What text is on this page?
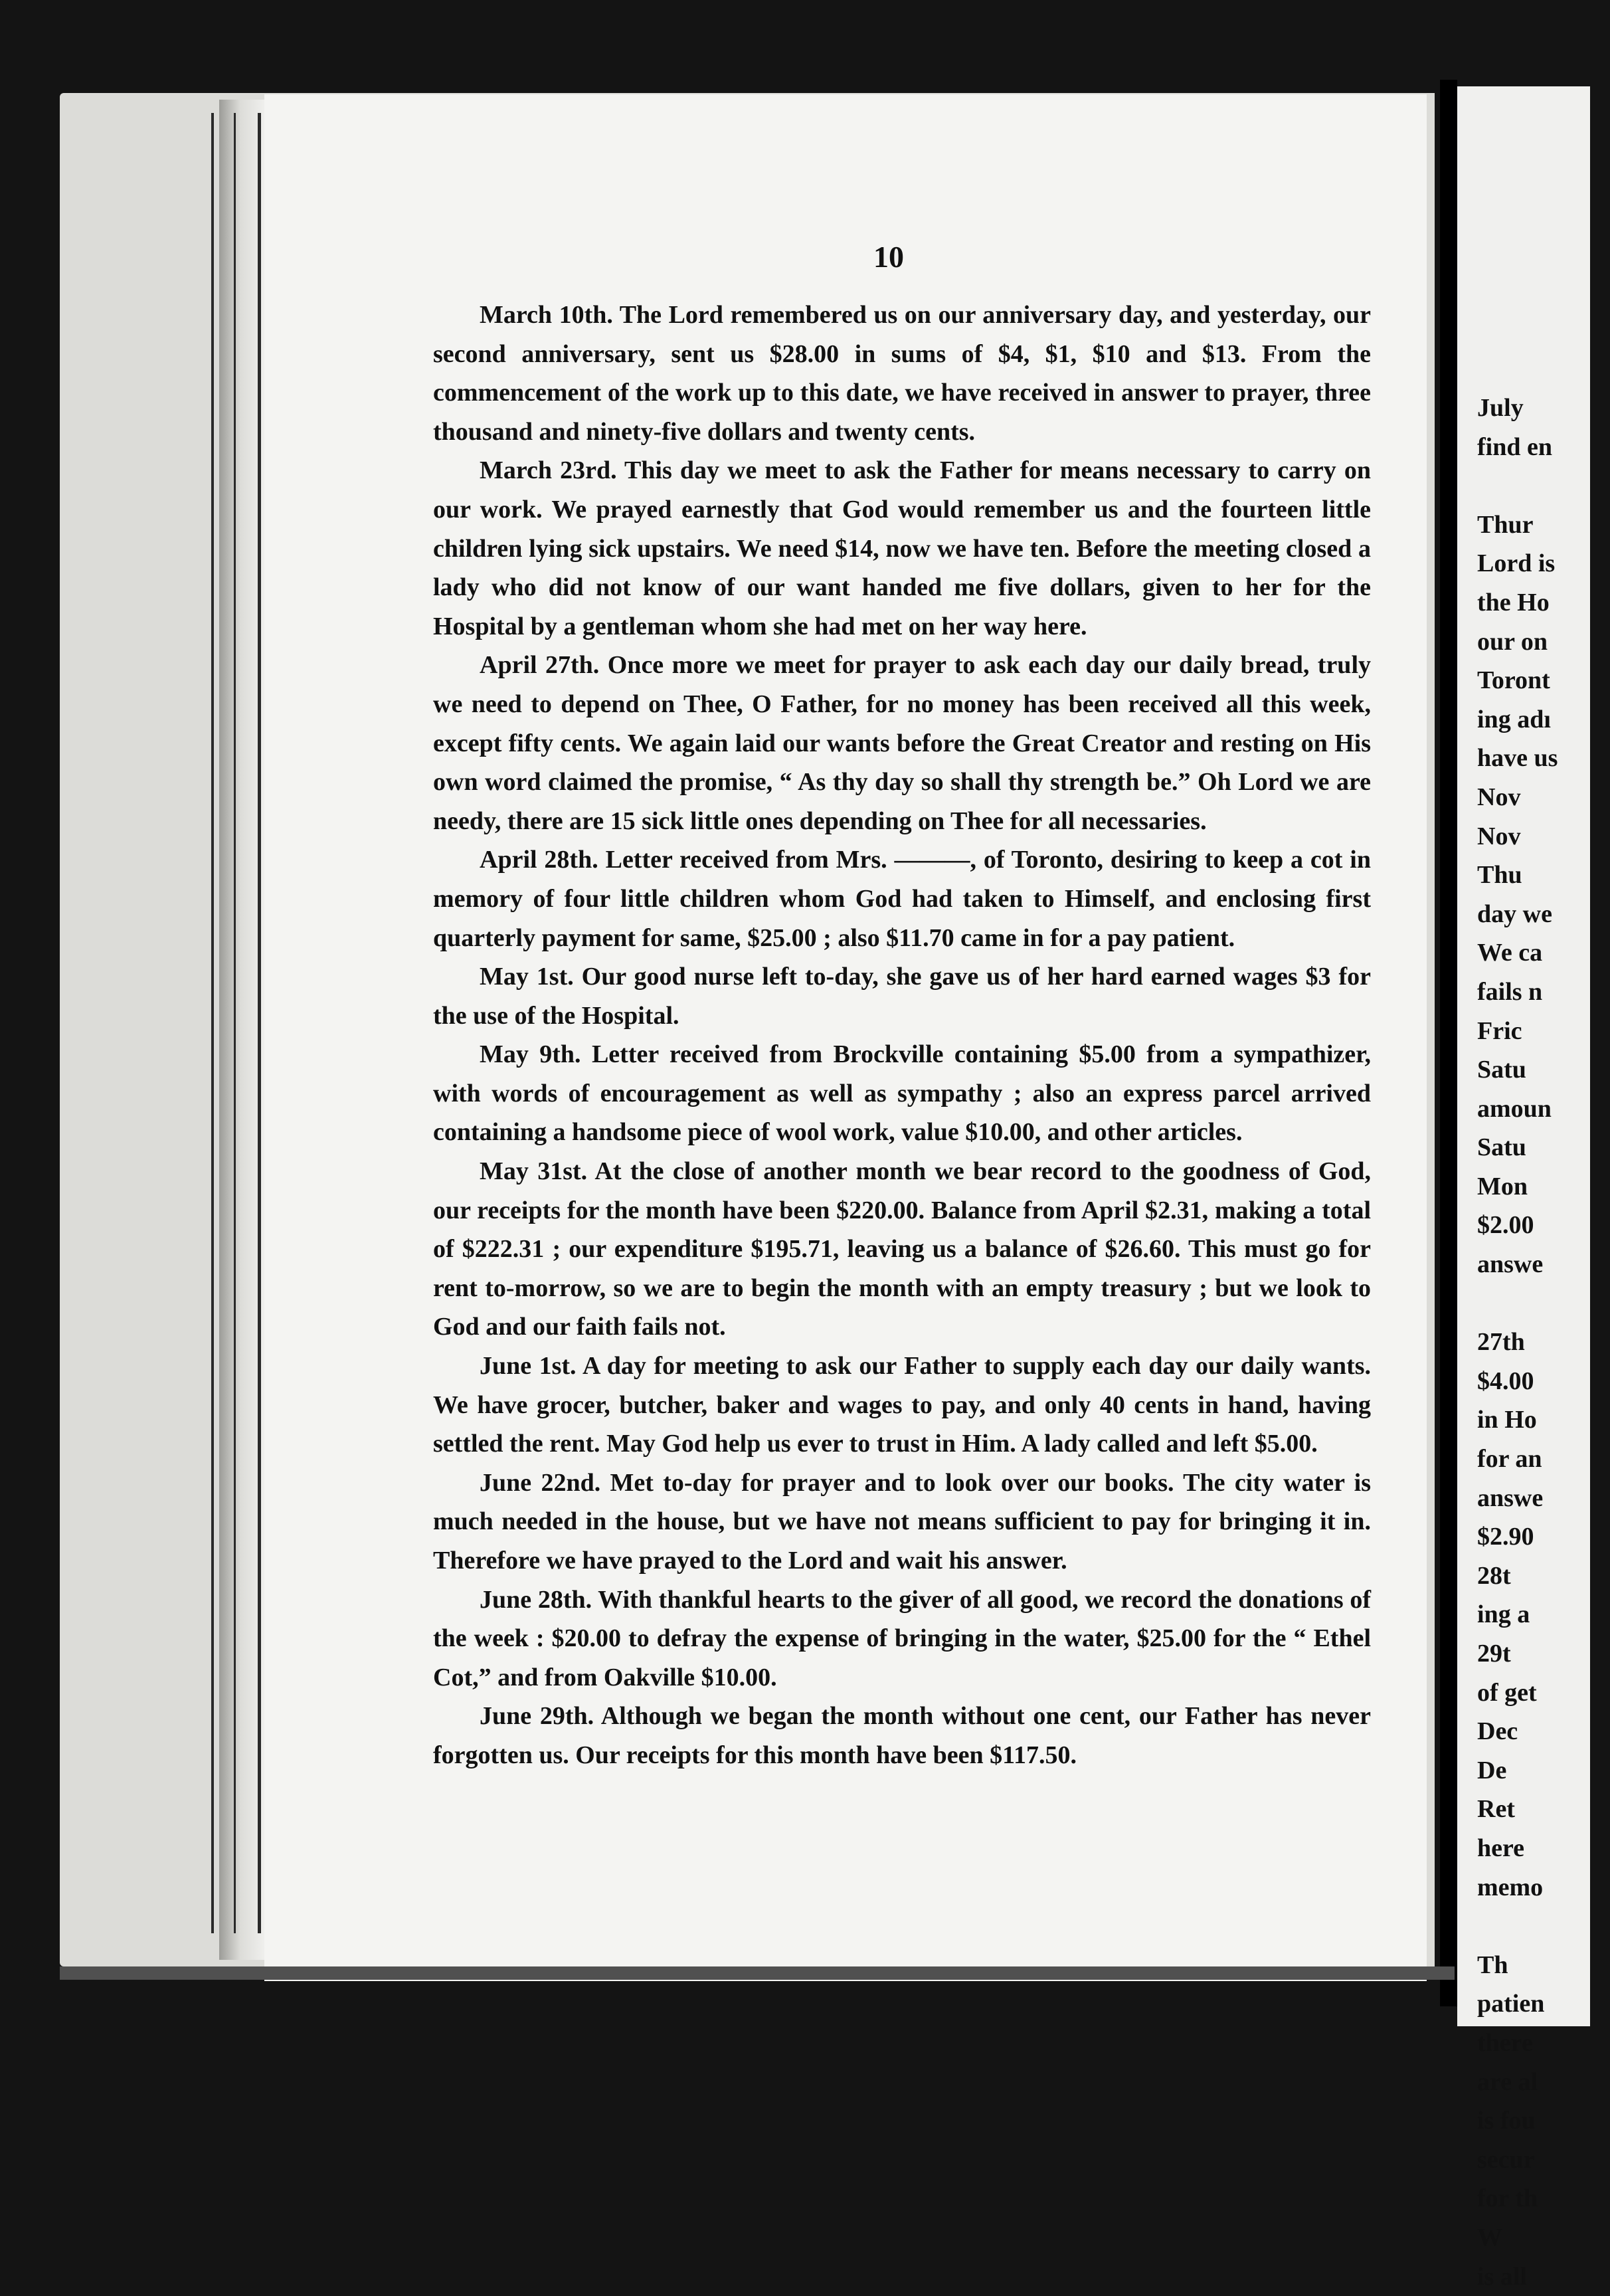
10

March 10th. The Lord remembered us on our anniversary day, and yesterday, our second anniversary, sent us $28.00 in sums of $4, $1, $10 and $13. From the commencement of the work up to this date, we have received in answer to prayer, three thousand and ninety-five dollars and twenty cents.

March 23rd. This day we meet to ask the Father for means necessary to carry on our work. We prayed earnestly that God would remember us and the fourteen little children lying sick upstairs. We need $14, now we have ten. Before the meeting closed a lady who did not know of our want handed me five dollars, given to her for the Hospital by a gentleman whom she had met on her way here.

April 27th. Once more we meet for prayer to ask each day our daily bread, truly we need to depend on Thee, O Father, for no money has been received all this week, except fifty cents. We again laid our wants before the Great Creator and resting on His own word claimed the promise, “ As thy day so shall thy strength be.” Oh Lord we are needy, there are 15 sick little ones depending on Thee for all necessaries.

April 28th. Letter received from Mrs. ———, of Toronto, desiring to keep a cot in memory of four little children whom God had taken to Himself, and enclosing first quarterly payment for same, $25.00 ; also $11.70 came in for a pay patient.

May 1st. Our good nurse left to-day, she gave us of her hard earned wages $3 for the use of the Hospital.

May 9th. Letter received from Brockville containing $5.00 from a sympathizer, with words of encouragement as well as sympathy ; also an express parcel arrived containing a handsome piece of wool work, value $10.00, and other articles.

May 31st. At the close of another month we bear record to the goodness of God, our receipts for the month have been $220.00. Balance from April $2.31, making a total of $222.31 ; our expenditure $195.71, leaving us a balance of $26.60. This must go for rent to-morrow, so we are to begin the month with an empty treasury ; but we look to God and our faith fails not.

June 1st. A day for meeting to ask our Father to supply each day our daily wants. We have grocer, butcher, baker and wages to pay, and only 40 cents in hand, having settled the rent. May God help us ever to trust in Him. A lady called and left $5.00.

June 22nd. Met to-day for prayer and to look over our books. The city water is much needed in the house, but we have not means sufficient to pay for bringing it in. Therefore we have prayed to the Lord and wait his answer.

June 28th. With thankful hearts to the giver of all good, we record the donations of the week : $20.00 to defray the expense of bringing in the water, $25.00 for the “ Ethel Cot,” and from Oakville $10.00.

June 29th. Although we began the month without one cent, our Father has never forgotten us. Our receipts for this month have been $117.50.

July
find en
Thur
Lord is
the Ho
our on
Toront
ing adı
have us
Nov
Nov
Thu
day we
We ca
fails n
Fric
Satu
amoun
Satu
Mon
$2.00
answe
27th
$4.00
in Ho
for an
answe
$2.90
28t
ing a
29t
of get
Dec
De
Ret
here
memo
Th
patien
there
are al
is fou
secur
for th
W
is all
